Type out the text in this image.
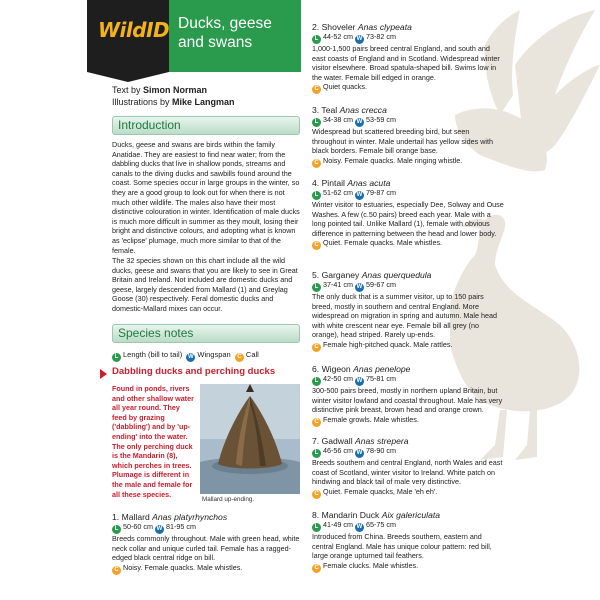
WildID Ducks, geese
and swans
Text by Simon Norman
Illustrations by Mike Langman
Introduction
Ducks, geese and swans are birds within the family Anatidae. They are easiest to find near water; from the dabbling ducks that live in shallow ponds, streams and canals to the diving ducks and sawbills found around the coast. Some species occur in large groups in the winter, so they are a good group to look out for when there is not much other wildlife. The males also have their most distinctive colouration in winter. Identification of male ducks is much more difficult in summer as they moult, losing their bright and distinctive colours, and adopting what is known as 'eclipse' plumage, much more similar to that of the female.
The 32 species shown on this chart include all the wild ducks, geese and swans that you are likely to see in Great Britain and Ireland. Not included are domestic ducks and geese, largely descended from Mallard (1) and Greylag Goose (30) respectively. Feral domestic ducks and domestic-Mallard mixes can occur.
Species notes
L Length (bill to tail) W Wingspan C Call
Dabbling ducks and perching ducks
Found in ponds, rivers and other shallow water all year round. They feed by grazing ('dabbling') and by 'up-ending' into the water. The only perching duck is the Mandarin (8), which perches in trees. Plumage is different in the male and female for all these species.
Mallard up-ending.
1. Mallard Anas platyrhynchos
L 50-60 cm W 81-95 cm
Breeds commonly throughout. Male with green head, white neck collar and unique curled tail. Female has a ragged-edged black central ridge on bill.
C Noisy. Female quacks. Male whistles.
2. Shoveler Anas clypeata
L 44-52 cm W 73-82 cm
1,000-1,500 pairs breed central England, and south and east coasts of England and in Scotland. Widespread winter visitor elsewhere. Broad spatula-shaped bill. Swims low in the water. Female bill edged in orange.
C Quiet quacks.
3. Teal Anas crecca
L 34-38 cm W 53-59 cm
Widespread but scattered breeding bird, but seen throughout in winter. Male undertail has yellow sides with black borders. Female bill orange base.
C Noisy. Female quacks. Male ringing whistle.
4. Pintail Anas acuta
L 51-62 cm W 79-87 cm
Winter visitor to estuaries, especially Dee, Solway and Ouse Washes. A few (c.50 pairs) breed each year. Male with a long pointed tail. Unlike Mallard (1), female with obvious difference in patterning between the head and lower body.
C Quiet. Female quacks. Male whistles.
5. Garganey Anas querquedula
L 37-41 cm W 59-67 cm
The only duck that is a summer visitor, up to 150 pairs breed, mostly in southern and central England. More widespread on migration in spring and autumn. Male head with white crescent near eye. Female bill all grey (no orange), head striped. Rarely up-ends.
C Female high-pitched quack. Male rattles.
6. Wigeon Anas penelope
L 42-50 cm W 75-81 cm
300-500 pairs breed, mostly in northern upland Britain, but winter visitor lowland and coastal throughout. Male has very distinctive pink breast, brown head and orange crown.
C Female growls. Male whistles.
7. Gadwall Anas strepera
L 46-56 cm W 78-90 cm
Breeds southern and central England, north Wales and east coast of Scotland, winter visitor to Ireland. White patch on hindwing and black tail of male very distinctive.
C Quiet. Female quacks, Male 'eh eh'.
8. Mandarin Duck Aix galericulata
L 41-49 cm W 65-75 cm
Introduced from China. Breeds southern, eastern and central England. Male has unique colour pattern: red bill, large orange upturned tail feathers.
C Female clucks. Male whistles.
